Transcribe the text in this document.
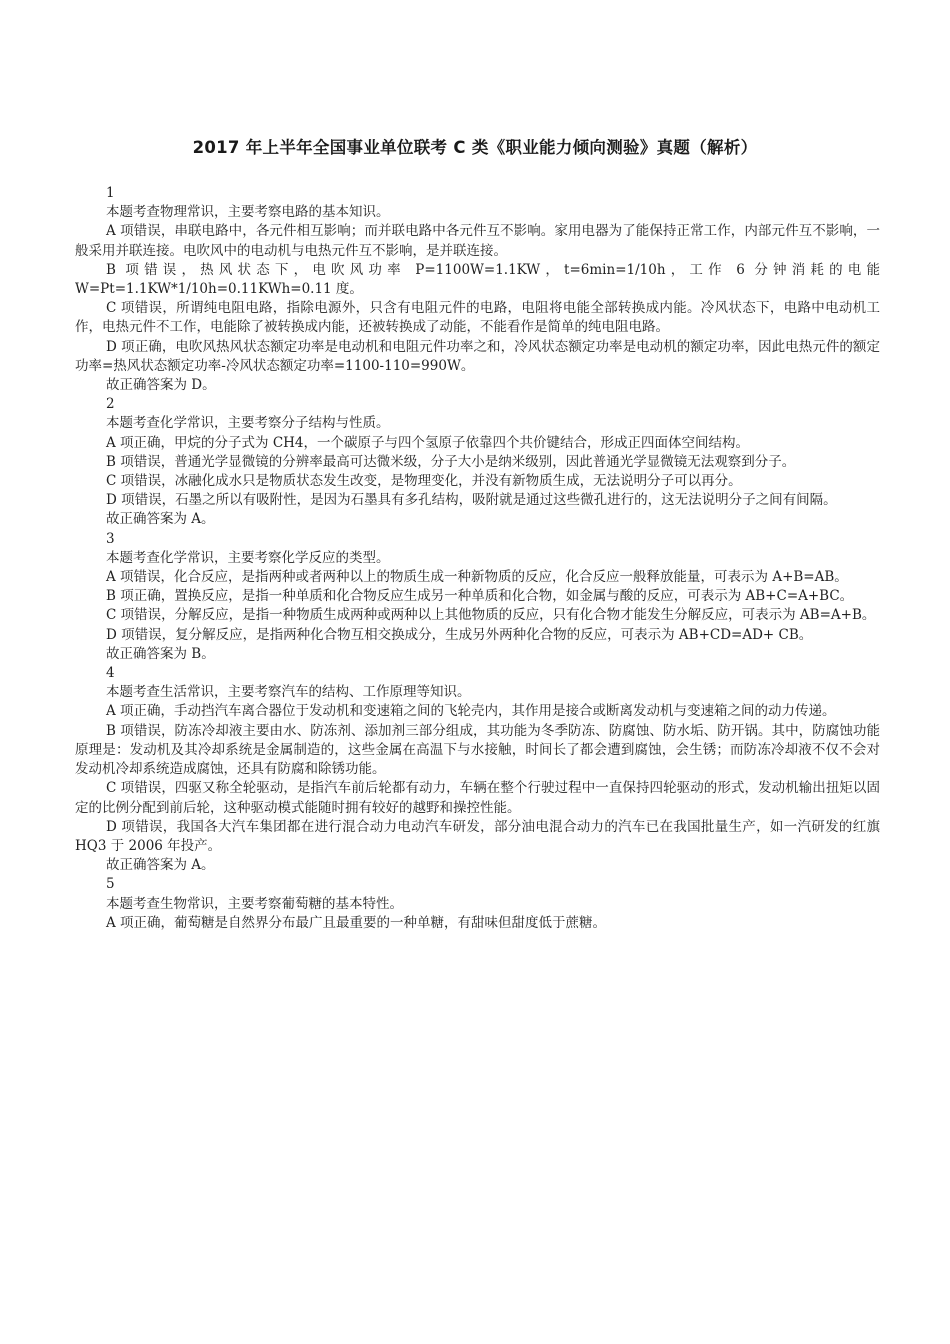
2017 年上半年全国事业单位联考 C 类《职业能力倾向测验》真题（解析）

1

本题考查物理常识，主要考察电路的基本知识。

A 项错误，串联电路中，各元件相互影响；而并联电路中各元件互不影响。家用电器为了能保持正常工作，内部元件互不影响，一般采用并联连接。电吹风中的电动机与电热元件互不影响，是并联连接。

B 项错误，热风状态下，电吹风功率 P=1100W=1.1KW，t=6min=1/10h，工作 6 分钟消耗的电能 W=Pt=1.1KW*1/10h=0.11KWh=0.11 度。

C 项错误，所谓纯电阻电路，指除电源外，只含有电阻元件的电路，电阻将电能全部转换成内能。冷风状态下，电路中电动机工作，电热元件不工作，电能除了被转换成内能，还被转换成了动能，不能看作是简单的纯电阻电路。

D 项正确，电吹风热风状态额定功率是电动机和电阻元件功率之和，冷风状态额定功率是电动机的额定功率，因此电热元件的额定功率=热风状态额定功率-冷风状态额定功率=1100-110=990W。

故正确答案为 D。

2

本题考查化学常识，主要考察分子结构与性质。

A 项正确，甲烷的分子式为 CH4，一个碳原子与四个氢原子依靠四个共价键结合，形成正四面体空间结构。

B 项错误，普通光学显微镜的分辨率最高可达微米级，分子大小是纳米级别，因此普通光学显微镜无法观察到分子。

C 项错误，冰融化成水只是物质状态发生改变，是物理变化，并没有新物质生成，无法说明分子可以再分。

D 项错误，石墨之所以有吸附性，是因为石墨具有多孔结构，吸附就是通过这些微孔进行的，这无法说明分子之间有间隔。

故正确答案为 A。

3

本题考查化学常识，主要考察化学反应的类型。

A 项错误，化合反应，是指两种或者两种以上的物质生成一种新物质的反应，化合反应一般释放能量，可表示为 A+B=AB。

B 项正确，置换反应，是指一种单质和化合物反应生成另一种单质和化合物，如金属与酸的反应，可表示为 AB+C=A+BC。

C 项错误，分解反应，是指一种物质生成两种或两种以上其他物质的反应，只有化合物才能发生分解反应，可表示为 AB=A+B。

D 项错误，复分解反应，是指两种化合物互相交换成分，生成另外两种化合物的反应，可表示为 AB+CD=AD+ CB。

故正确答案为 B。

4

本题考查生活常识，主要考察汽车的结构、工作原理等知识。

A 项正确，手动挡汽车离合器位于发动机和变速箱之间的飞轮壳内，其作用是接合或断离发动机与变速箱之间的动力传递。

B 项错误，防冻冷却液主要由水、防冻剂、添加剂三部分组成，其功能为冬季防冻、防腐蚀、防水垢、防开锅。其中，防腐蚀功能原理是：发动机及其冷却系统是金属制造的，这些金属在高温下与水接触，时间长了都会遭到腐蚀，会生锈；而防冻冷却液不仅不会对发动机冷却系统造成腐蚀，还具有防腐和除锈功能。

C 项错误，四驱又称全轮驱动，是指汽车前后轮都有动力，车辆在整个行驶过程中一直保持四轮驱动的形式，发动机输出扭矩以固定的比例分配到前后轮，这种驱动模式能随时拥有较好的越野和操控性能。

D 项错误，我国各大汽车集团都在进行混合动力电动汽车研发，部分油电混合动力的汽车已在我国批量生产，如一汽研发的红旗 HQ3 于 2006 年投产。

故正确答案为 A。

5

本题考查生物常识，主要考察葡萄糖的基本特性。

A 项正确，葡萄糖是自然界分布最广且最重要的一种单糖，有甜味但甜度低于蔗糖。
